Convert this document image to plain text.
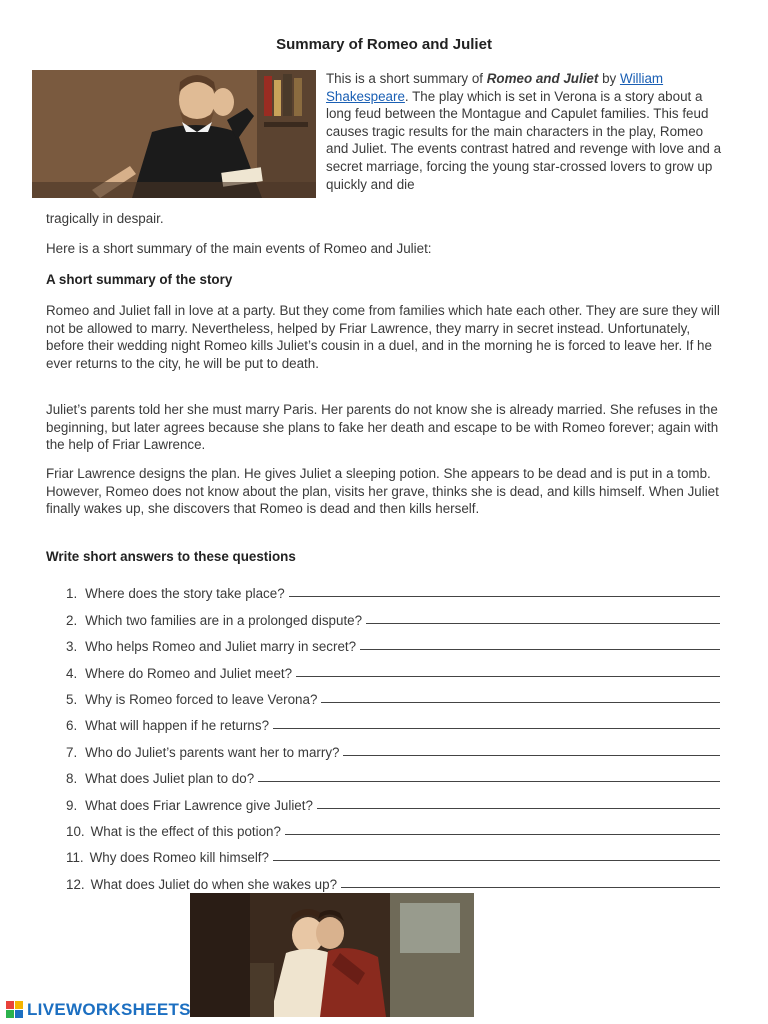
Summary of Romeo and Juliet
This is a short summary of Romeo and Juliet by William Shakespeare. The play which is set in Verona is a story about a long feud between the Montague and Capulet families. This feud causes tragic results for the main characters in the play, Romeo and Juliet. The events contrast hatred and revenge with love and a secret marriage, forcing the young star-crossed lovers to grow up quickly and die
tragically in despair.

Here is a short summary of the main events of Romeo and Juliet:

A short summary of the story

Romeo and Juliet fall in love at a party. But they come from families which hate each other. They are sure they will not be allowed to marry. Nevertheless, helped by Friar Lawrence, they marry in secret instead. Unfortunately, before their wedding night Romeo kills Juliet’s cousin in a duel, and in the morning he is forced to leave her. If he ever returns to the city, he will be put to death.

Juliet’s parents told her she must marry Paris. Her parents do not know she is already married. She refuses in the beginning, but later agrees because she plans to fake her death and escape to be with Romeo forever; again with the help of Friar Lawrence.

Friar Lawrence designs the plan. He gives Juliet a sleeping potion. She appears to be dead and is put in a tomb. However, Romeo does not know about the plan, visits her grave, thinks she is dead, and kills himself. When Juliet finally wakes up, she discovers that Romeo is dead and then kills herself.

Write short answers to these questions

1. Where does the story take place?
2. Which two families are in a prolonged dispute?
3. Who helps Romeo and Juliet marry in secret?
4. Where do Romeo and Juliet meet?
5. Why is Romeo forced to leave Verona?
6. What will happen if he returns?
7. Who do Juliet’s parents want her to marry?
8. What does Juliet plan to do?
9. What does Friar Lawrence give Juliet?
10. What is the effect of this potion?
11. Why does Romeo kill himself?
12. What does Juliet do when she wakes up?
LIVEWORKSHEETS
